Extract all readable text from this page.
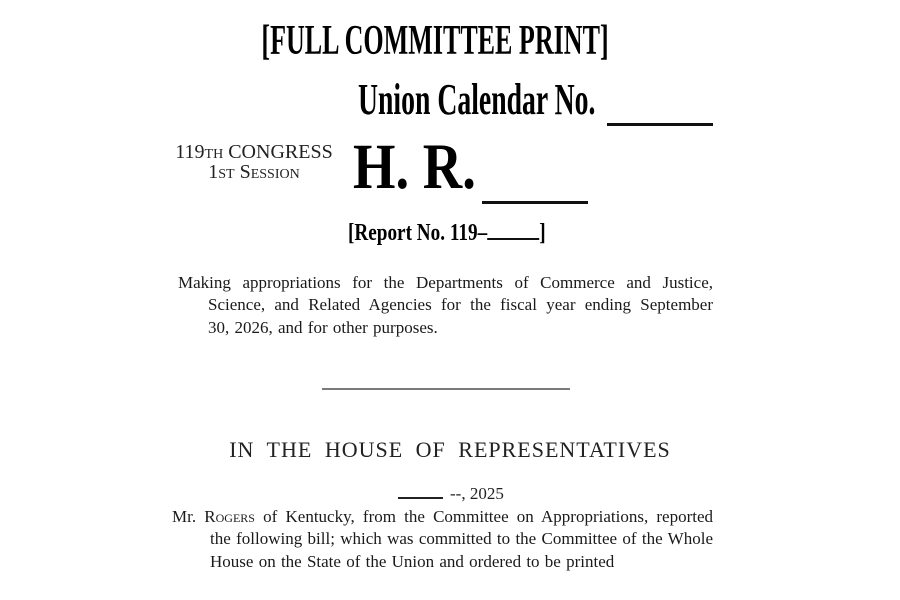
[FULL COMMITTEE PRINT]
Union Calendar No.
119th CONGRESS
1st Session H. R.
[Report No. 119– ]
Making appropriations for the Departments of Commerce and Justice,
Science, and Related Agencies for the fiscal year ending September
30, 2026, and for other purposes.
IN THE HOUSE OF REPRESENTATIVES
--, 2025
Mr. Rogers of Kentucky, from the Committee on Appropriations, reported
the following bill; which was committed to the Committee of the Whole
House on the State of the Union and ordered to be printed
